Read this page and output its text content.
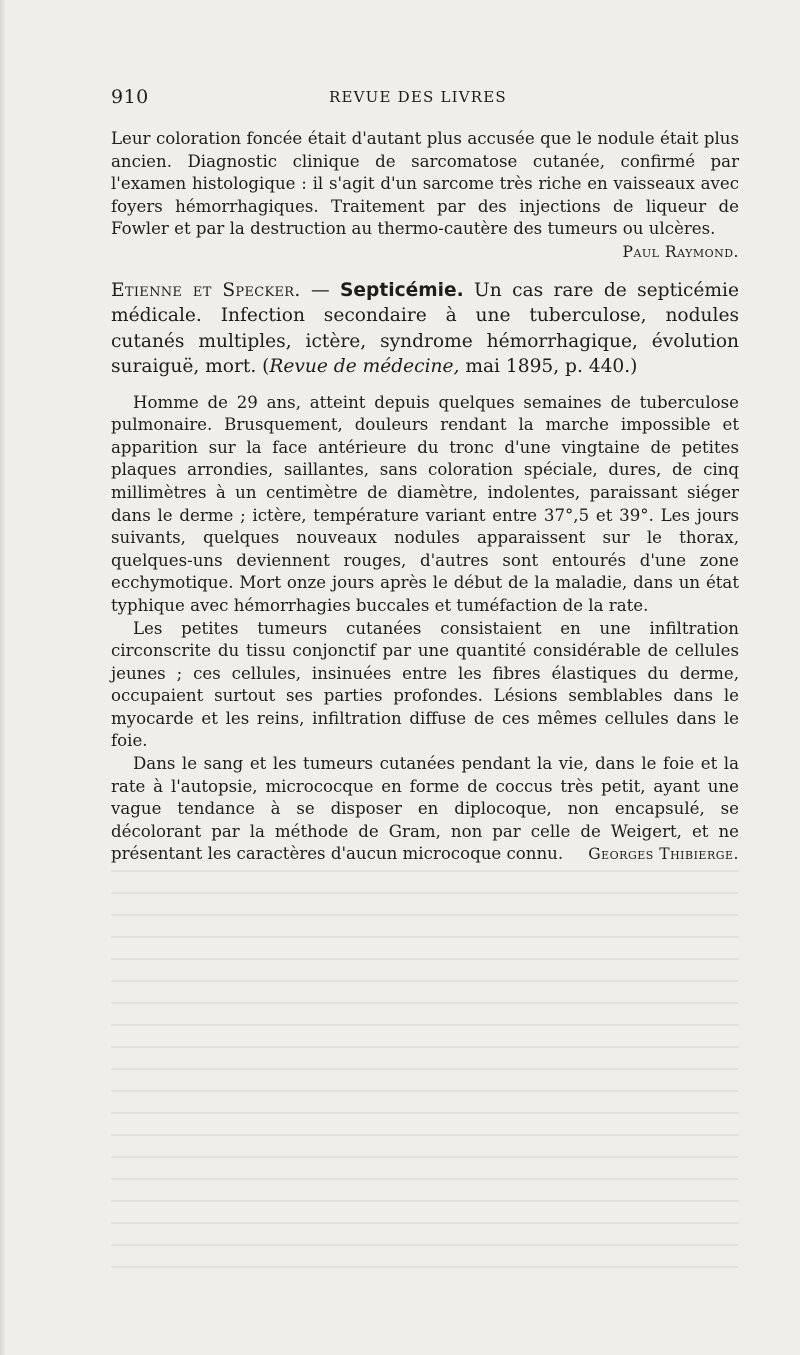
910	REVUE DES LIVRES

Leur coloration foncée était d'autant plus accusée que le nodule était plus ancien. Diagnostic clinique de sarcomatose cutanée, confirmé par l'examen histologique : il s'agit d'un sarcome très riche en vaisseaux avec foyers hémorrhagiques. Traitement par des injections de liqueur de Fowler et par la destruction au thermo-cautère des tumeurs ou ulcères.

Paul Raymond.

Etienne et Specker. — Septicémie. Un cas rare de septicémie médicale. Infection secondaire à une tuberculose, nodules cutanés multiples, ictère, syndrome hémorrhagique, évolution suraiguë, mort. (Revue de médecine, mai 1895, p. 440.)

Homme de 29 ans, atteint depuis quelques semaines de tuberculose pulmonaire. Brusquement, douleurs rendant la marche impossible et apparition sur la face antérieure du tronc d'une vingtaine de petites plaques arrondies, saillantes, sans coloration spéciale, dures, de cinq millimètres à un centimètre de diamètre, indolentes, paraissant siéger dans le derme ; ictère, température variant entre 37°,5 et 39°. Les jours suivants, quelques nouveaux nodules apparaissent sur le thorax, quelques-uns deviennent rouges, d'autres sont entourés d'une zone ecchymotique. Mort onze jours après le début de la maladie, dans un état typhique avec hémorrhagies buccales et tuméfaction de la rate.

Les petites tumeurs cutanées consistaient en une infiltration circonscrite du tissu conjonctif par une quantité considérable de cellules jeunes ; ces cellules, insinuées entre les fibres élastiques du derme, occupaient surtout ses parties profondes. Lésions semblables dans le myocarde et les reins, infiltration diffuse de ces mêmes cellules dans le foie.

Dans le sang et les tumeurs cutanées pendant la vie, dans le foie et la rate à l'autopsie, micrococque en forme de coccus très petit, ayant une vague tendance à se disposer en diplocoque, non encapsulé, se décolorant par la méthode de Gram, non par celle de Weigert, et ne présentant les caractères d'aucun microcoque connu.	Georges Thibierge.
